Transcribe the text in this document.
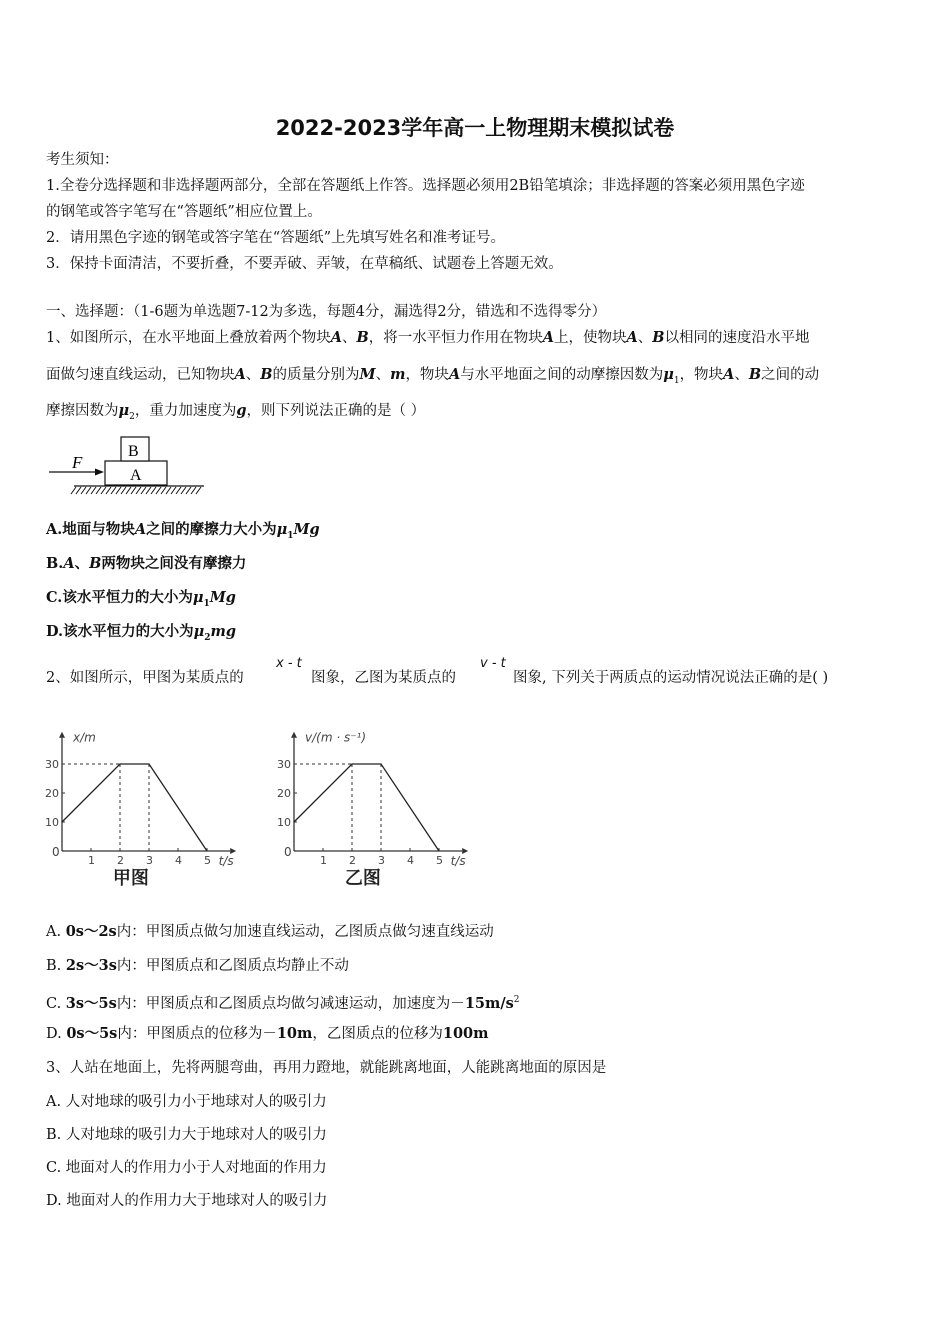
2022-2023学年高一上物理期末模拟试卷
考生须知：
1.全卷分选择题和非选择题两部分，全部在答题纸上作答。选择题必须用2B铅笔填涂；非选择题的答案必须用黑色字迹
的钢笔或答字笔写在“答题纸”相应位置上。
2．请用黑色字迹的钢笔或答字笔在“答题纸”上先填写姓名和准考证号。
3．保持卡面清洁，不要折叠，不要弄破、弄皱，在草稿纸、试题卷上答题无效。
一、选择题：（1-6题为单选题7-12为多选，每题4分，漏选得2分，错选和不选得零分）
1、如图所示，在水平地面上叠放着两个物块A、B，将一水平恒力作用在物块A上，使物块A、B以相同的速度沿水平地
面做匀速直线运动，已知物块A、B的质量分别为M、m，物块A与水平地面之间的动摩擦因数为$\mu_1$，物块A、B之间的动
摩擦因数为$\mu_2$，重力加速度为g，则下列说法正确的是（ ）
F
A
B
A.地面与物块A之间的摩擦力大小为$\mu_1Mg$
B.A、B两物块之间没有摩擦力
C.该水平恒力的大小为$\mu_1Mg$
D.该水平恒力的大小为$\mu_2mg$
2、如图所示，甲图为某质点的
x - t
图象，乙图为某质点的
v - t
图象, 下列关于两质点的运动情况说法正确的是( )
x/m
t/s
0
1 2 3 4 5
10
20
30
甲图
v/(m · s⁻¹)
t/s
0
1 2 3 4 5
10
20
30
乙图
A. 0s～2s内：甲图质点做匀加速直线运动，乙图质点做匀速直线运动
B. 2s～3s内：甲图质点和乙图质点均静止不动
C. 3s～5s内：甲图质点和乙图质点均做匀减速运动，加速度为$-15m/s^2$
D. 0s～5s内：甲图质点的位移为－10m，乙图质点的位移为100m
3、人站在地面上，先将两腿弯曲，再用力蹬地，就能跳离地面，人能跳离地面的原因是
A. 人对地球的吸引力小于地球对人的吸引力
B. 人对地球的吸引力大于地球对人的吸引力
C. 地面对人的作用力小于人对地面的作用力
D. 地面对人的作用力大于地球对人的吸引力
